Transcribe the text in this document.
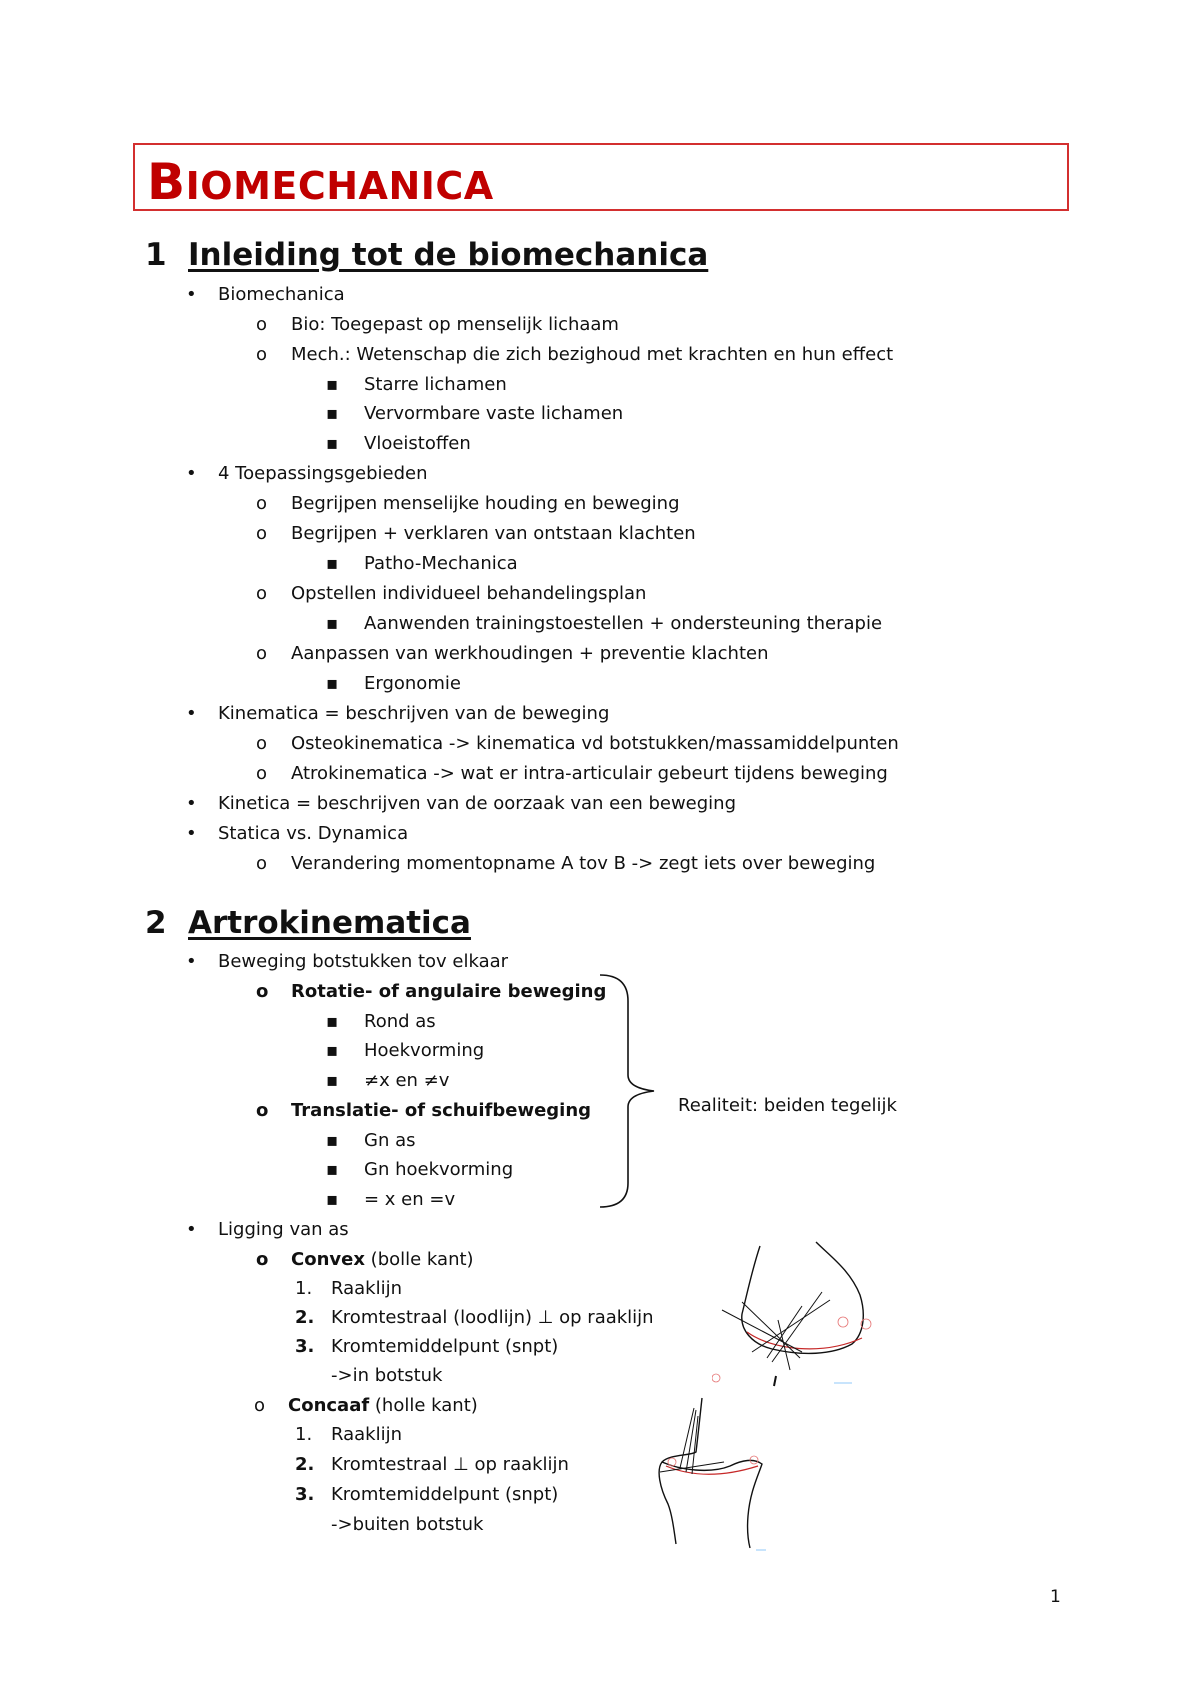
BIOMECHANICA
1 Inleiding tot de biomechanica
• Biomechanica
o Bio: Toegepast op menselijk lichaam
o Mech.: Wetenschap die zich bezighoud met krachten en hun effect
▪ Starre lichamen
▪ Vervormbare vaste lichamen
▪ Vloeistoffen
• 4 Toepassingsgebieden
o Begrijpen menselijke houding en beweging
o Begrijpen + verklaren van ontstaan klachten
▪ Patho-Mechanica
o Opstellen individueel behandelingsplan
▪ Aanwenden trainingstoestellen + ondersteuning therapie
o Aanpassen van werkhoudingen + preventie klachten
▪ Ergonomie
• Kinematica = beschrijven van de beweging
o Osteokinematica -> kinematica vd botstukken/massamiddelpunten
o Atrokinematica -> wat er intra-articulair gebeurt tijdens beweging
• Kinetica = beschrijven van de oorzaak van een beweging
• Statica vs. Dynamica
o Verandering momentopname A tov B -> zegt iets over beweging
2 Artrokinematica
• Beweging botstukken tov elkaar
o Rotatie- of angulaire beweging
▪ Rond as
▪ Hoekvorming
▪ ≠x en ≠v
o Translatie- of schuifbeweging
▪ Gn as
▪ Gn hoekvorming
▪ = x en =v
Realiteit: beiden tegelijk
• Ligging van as
o Convex (bolle kant)
1. Raaklijn
2. Kromtestraal (loodlijn) ⊥ op raaklijn
3. Kromtemiddelpunt (snpt)
->in botstuk
o Concaaf (holle kant)
1. Raaklijn
2. Kromtestraal ⊥ op raaklijn
3. Kromtemiddelpunt (snpt)
->buiten botstuk
1
